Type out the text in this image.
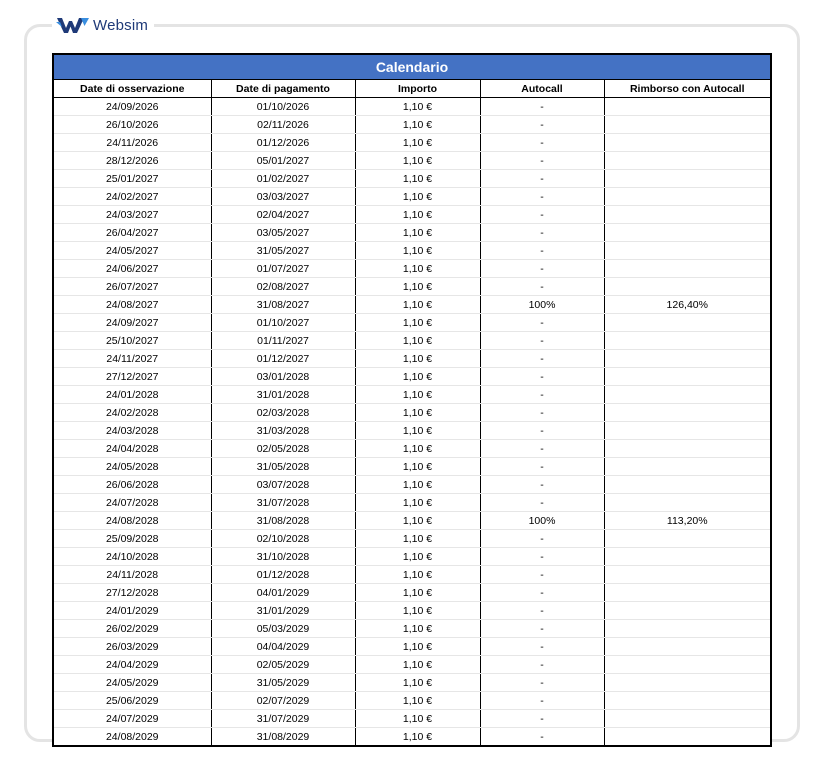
Websim
Calendario
Date di osservazione	Date di pagamento	Importo	Autocall	Rimborso con Autocall
24/09/2026	01/10/2026	1,10 €	-	
26/10/2026	02/11/2026	1,10 €	-	
24/11/2026	01/12/2026	1,10 €	-	
28/12/2026	05/01/2027	1,10 €	-	
25/01/2027	01/02/2027	1,10 €	-	
24/02/2027	03/03/2027	1,10 €	-	
24/03/2027	02/04/2027	1,10 €	-	
26/04/2027	03/05/2027	1,10 €	-	
24/05/2027	31/05/2027	1,10 €	-	
24/06/2027	01/07/2027	1,10 €	-	
26/07/2027	02/08/2027	1,10 €	-	
24/08/2027	31/08/2027	1,10 €	100%	126,40%
24/09/2027	01/10/2027	1,10 €	-	
25/10/2027	01/11/2027	1,10 €	-	
24/11/2027	01/12/2027	1,10 €	-	
27/12/2027	03/01/2028	1,10 €	-	
24/01/2028	31/01/2028	1,10 €	-	
24/02/2028	02/03/2028	1,10 €	-	
24/03/2028	31/03/2028	1,10 €	-	
24/04/2028	02/05/2028	1,10 €	-	
24/05/2028	31/05/2028	1,10 €	-	
26/06/2028	03/07/2028	1,10 €	-	
24/07/2028	31/07/2028	1,10 €	-	
24/08/2028	31/08/2028	1,10 €	100%	113,20%
25/09/2028	02/10/2028	1,10 €	-	
24/10/2028	31/10/2028	1,10 €	-	
24/11/2028	01/12/2028	1,10 €	-	
27/12/2028	04/01/2029	1,10 €	-	
24/01/2029	31/01/2029	1,10 €	-	
26/02/2029	05/03/2029	1,10 €	-	
26/03/2029	04/04/2029	1,10 €	-	
24/04/2029	02/05/2029	1,10 €	-	
24/05/2029	31/05/2029	1,10 €	-	
25/06/2029	02/07/2029	1,10 €	-	
24/07/2029	31/07/2029	1,10 €	-	
24/08/2029	31/08/2029	1,10 €	-	
